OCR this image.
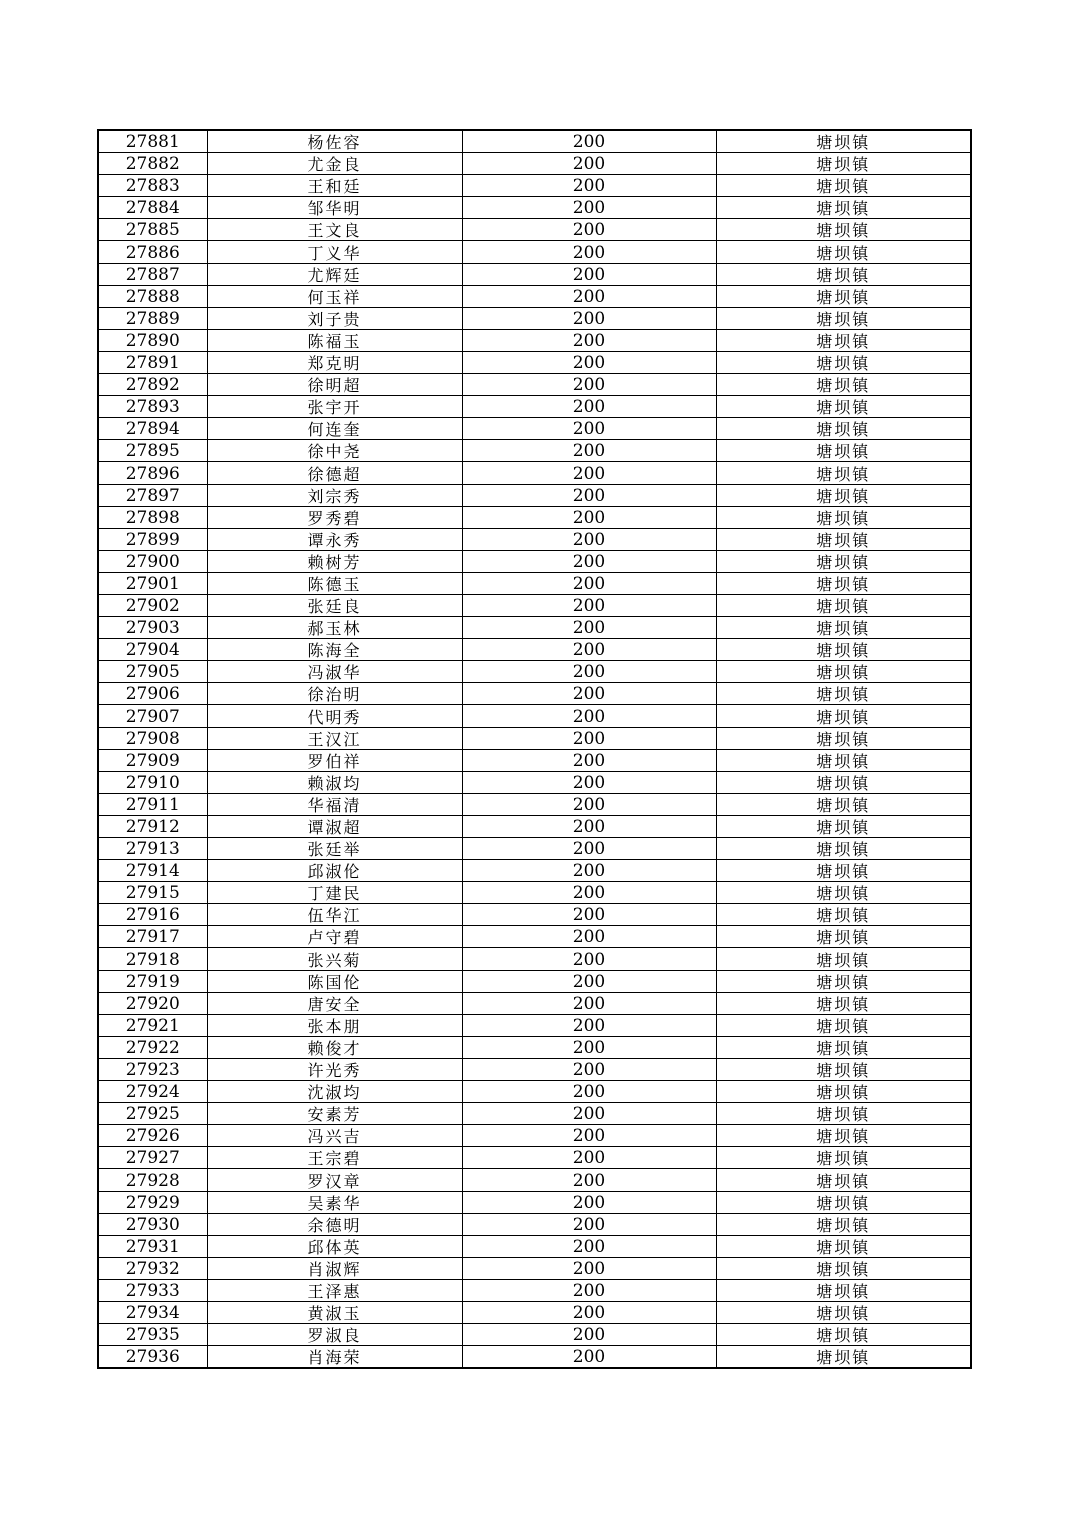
27881	杨佐容	200	塘坝镇
27882	尤金良	200	塘坝镇
27883	王和廷	200	塘坝镇
27884	邹华明	200	塘坝镇
27885	王文良	200	塘坝镇
27886	丁义华	200	塘坝镇
27887	尤辉廷	200	塘坝镇
27888	何玉祥	200	塘坝镇
27889	刘子贵	200	塘坝镇
27890	陈福玉	200	塘坝镇
27891	郑克明	200	塘坝镇
27892	徐明超	200	塘坝镇
27893	张宇开	200	塘坝镇
27894	何连奎	200	塘坝镇
27895	徐中尧	200	塘坝镇
27896	徐德超	200	塘坝镇
27897	刘宗秀	200	塘坝镇
27898	罗秀碧	200	塘坝镇
27899	谭永秀	200	塘坝镇
27900	赖树芳	200	塘坝镇
27901	陈德玉	200	塘坝镇
27902	张廷良	200	塘坝镇
27903	郝玉林	200	塘坝镇
27904	陈海全	200	塘坝镇
27905	冯淑华	200	塘坝镇
27906	徐治明	200	塘坝镇
27907	代明秀	200	塘坝镇
27908	王汉江	200	塘坝镇
27909	罗伯祥	200	塘坝镇
27910	赖淑均	200	塘坝镇
27911	华福清	200	塘坝镇
27912	谭淑超	200	塘坝镇
27913	张廷举	200	塘坝镇
27914	邱淑伦	200	塘坝镇
27915	丁建民	200	塘坝镇
27916	伍华江	200	塘坝镇
27917	卢守碧	200	塘坝镇
27918	张兴菊	200	塘坝镇
27919	陈国伦	200	塘坝镇
27920	唐安全	200	塘坝镇
27921	张本朋	200	塘坝镇
27922	赖俊才	200	塘坝镇
27923	许光秀	200	塘坝镇
27924	沈淑均	200	塘坝镇
27925	安素芳	200	塘坝镇
27926	冯兴吉	200	塘坝镇
27927	王宗碧	200	塘坝镇
27928	罗汉章	200	塘坝镇
27929	吴素华	200	塘坝镇
27930	余德明	200	塘坝镇
27931	邱体英	200	塘坝镇
27932	肖淑辉	200	塘坝镇
27933	王泽惠	200	塘坝镇
27934	黄淑玉	200	塘坝镇
27935	罗淑良	200	塘坝镇
27936	肖海荣	200	塘坝镇
